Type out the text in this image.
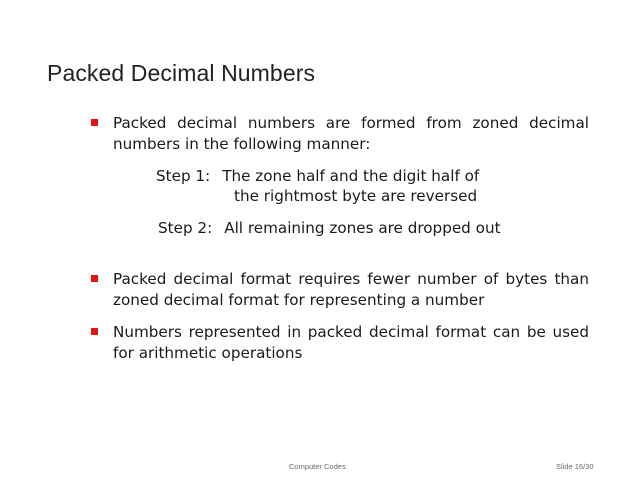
Packed Decimal Numbers
Packed decimal numbers are formed from zoned decimal numbers in the following manner:
Step 1: The zone half and the digit half of
the rightmost byte are reversed
Step 2: All remaining zones are dropped out
Packed decimal format requires fewer number of bytes than zoned decimal format for representing a number
Numbers represented in packed decimal format can be used for arithmetic operations
Computer Codes	Slide 16/30
